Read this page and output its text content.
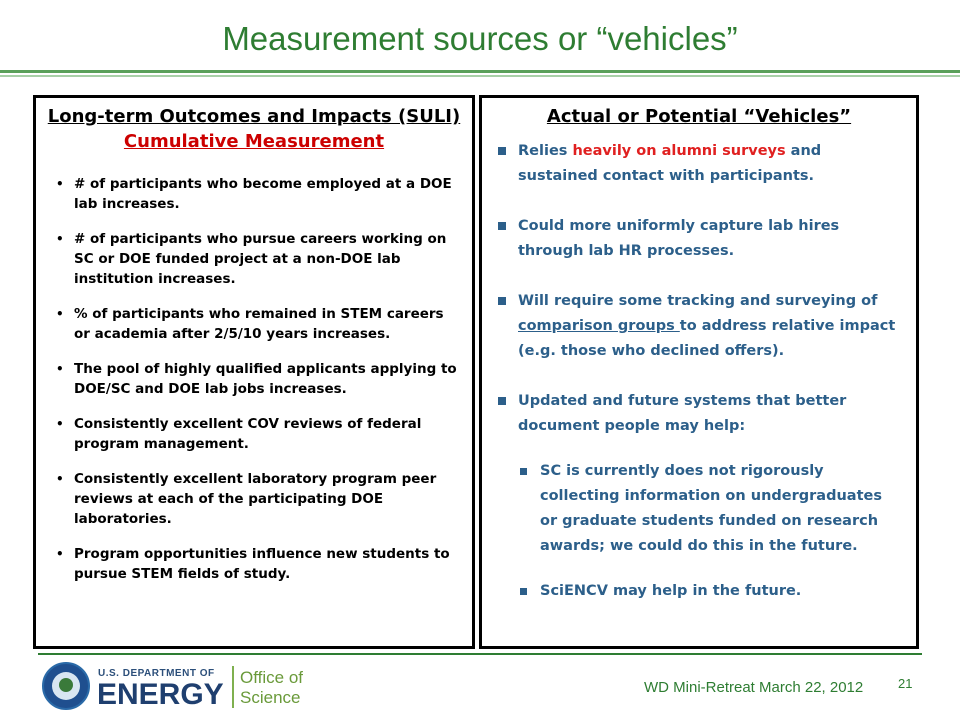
Measurement sources or “vehicles”
Long-term Outcomes and Impacts (SULI)
Cumulative Measurement
• # of participants who become employed at a DOE lab increases.
• # of participants who pursue careers working on SC or DOE funded project at a non-DOE lab institution increases.
• % of participants who remained in STEM careers or academia after 2/5/10 years increases.
• The pool of highly qualified applicants applying to DOE/SC and DOE lab jobs increases.
• Consistently excellent COV reviews of federal program management.
• Consistently excellent laboratory program peer reviews at each of the participating DOE laboratories.
• Program opportunities influence new students to pursue STEM fields of study.
Actual or Potential “Vehicles”
Relies heavily on alumni surveys and sustained contact with participants.
Could more uniformly capture lab hires through lab HR processes.
Will require some tracking and surveying of comparison groups to address relative impact (e.g. those who declined offers).
Updated and future systems that better document people may help:
SC is currently does not rigorously collecting information on undergraduates or graduate students funded on research awards; we could do this in the future.
SciENCV may help in the future.
U.S. DEPARTMENT OF
ENERGY
Office of
Science
WD Mini-Retreat March 22, 2012	21
